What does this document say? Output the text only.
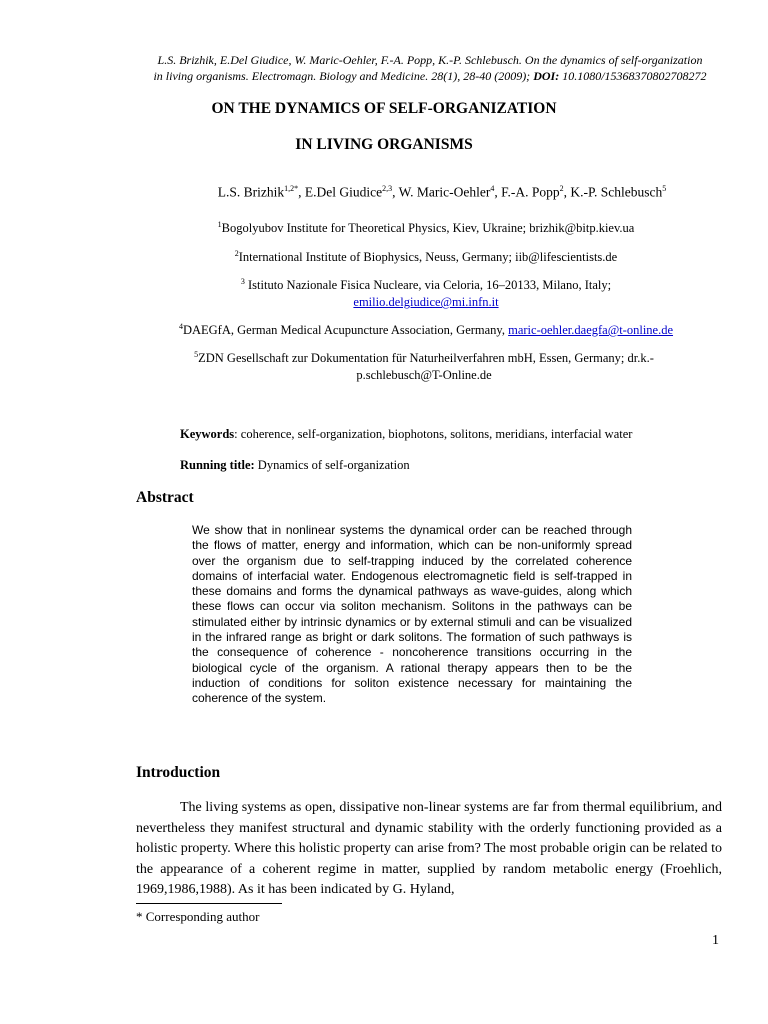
L.S. Brizhik, E.Del Giudice, W. Maric-Oehler, F.-A. Popp, K.-P. Schlebusch. On the dynamics of self-organization
in living organisms. Electromagn. Biology and Medicine. 28(1), 28-40 (2009); DOI: 10.1080/15368370802708272
ON THE DYNAMICS OF SELF-ORGANIZATION
IN LIVING ORGANISMS
L.S. Brizhik$^{1,2*}$, E.Del Giudice$^{2,3}$, W. Maric-Oehler$^4$, F.-A. Popp$^2$, K.-P. Schlebusch$^5$
$^1$Bogolyubov Institute for Theoretical Physics, Kiev, Ukraine; brizhik@bitp.kiev.ua
$^2$International Institute of Biophysics, Neuss, Germany; iib@lifescientists.de
$^3$ Istituto Nazionale Fisica Nucleare, via Celoria, 16–20133, Milano, Italy;
emilio.delgiudice@mi.infn.it
$^4$DAEGfA, German Medical Acupuncture Association, Germany, maric-oehler.daegfa@t-online.de
$^5$ZDN Gesellschaft zur Dokumentation für Naturheilverfahren mbH, Essen, Germany; dr.k.-
p.schlebusch@T-Online.de
Keywords: coherence, self-organization, biophotons, solitons, meridians, interfacial water
Running title: Dynamics of self-organization
Abstract
We show that in nonlinear systems the dynamical order can be reached through the flows of matter, energy and information, which can be non-uniformly spread over the organism due to self-trapping induced by the correlated coherence domains of interfacial water. Endogenous electromagnetic field is self-trapped in these domains and forms the dynamical pathways as wave-guides, along which these flows can occur via soliton mechanism. Solitons in the pathways can be stimulated either by intrinsic dynamics or by external stimuli and can be visualized in the infrared range as bright or dark solitons. The formation of such pathways is the consequence of coherence - noncoherence transitions occurring in the biological cycle of the organism. A rational therapy appears then to be the induction of conditions for soliton existence necessary for maintaining the coherence of the system.
Introduction
The living systems as open, dissipative non-linear systems are far from thermal equilibrium, and nevertheless they manifest structural and dynamic stability with the orderly functioning provided as a holistic property. Where this holistic property can arise from? The most probable origin can be related to the appearance of a coherent regime in matter, supplied by random metabolic energy (Froehlich, 1969,1986,1988). As it has been indicated by G. Hyland,
* Corresponding author
1
